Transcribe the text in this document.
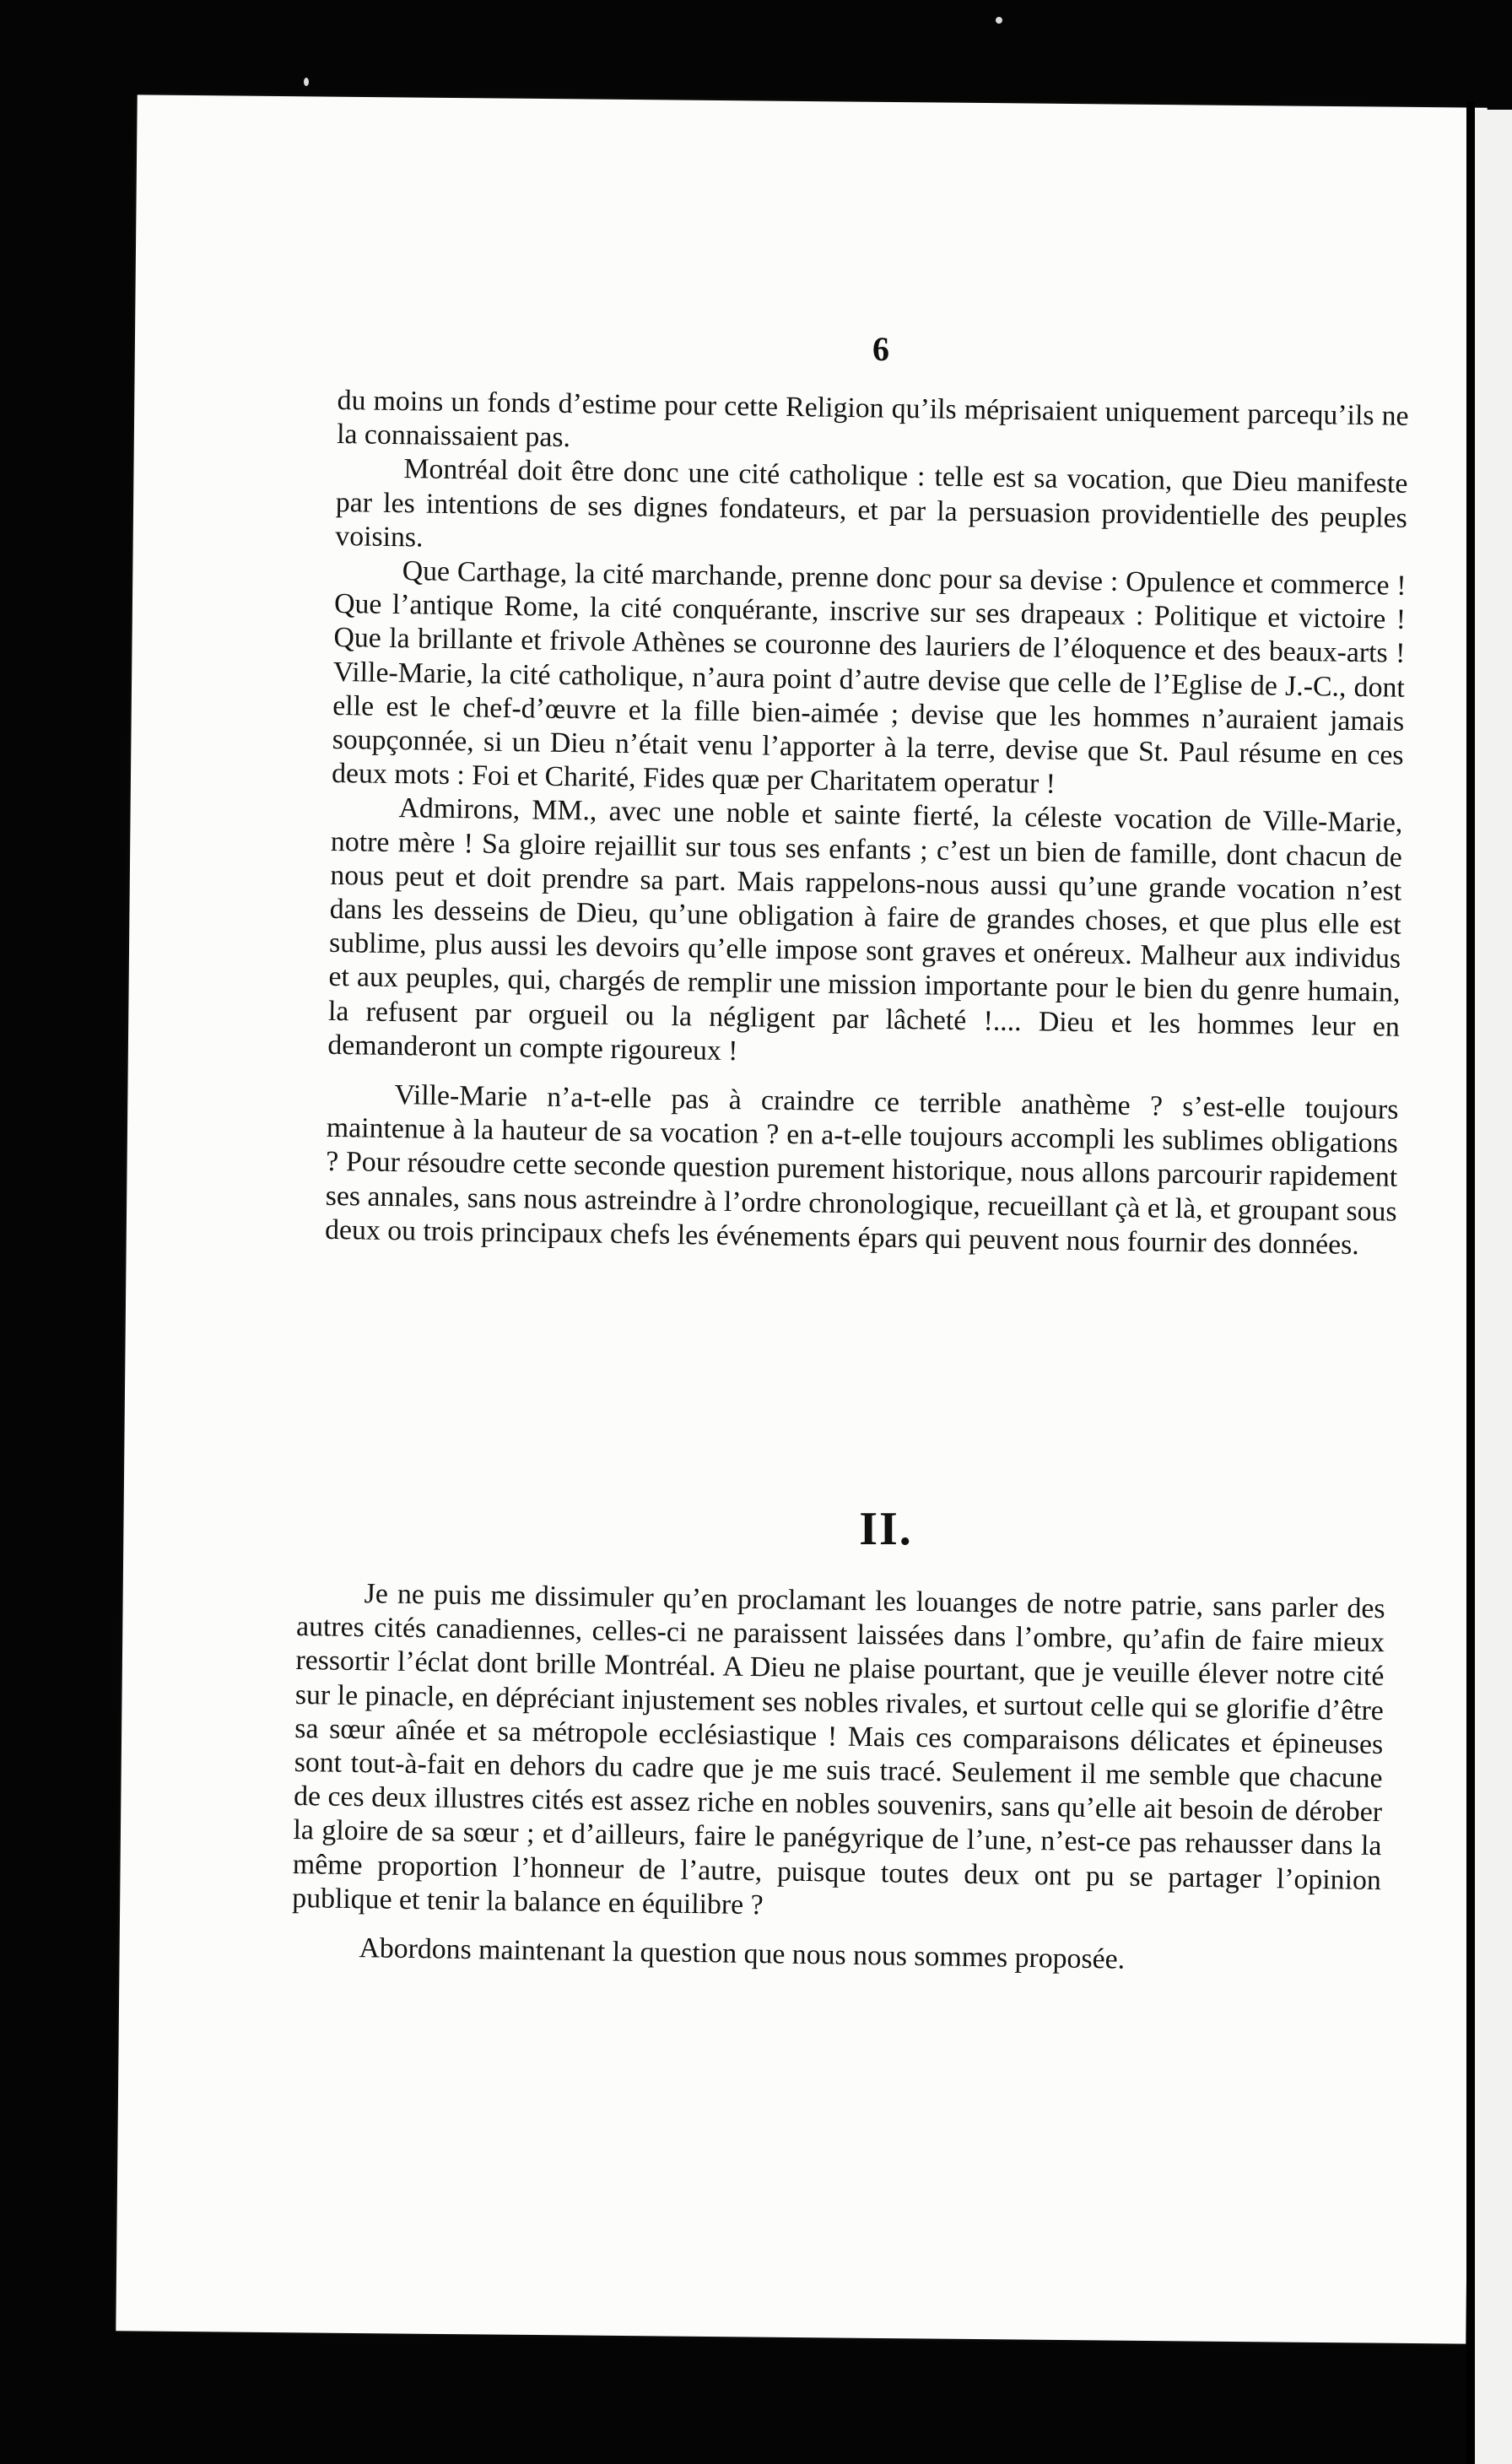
6

du moins un fonds d’estime pour cette Religion qu’ils méprisaient uniquement parcequ’ils ne la connaissaient pas.

Montréal doit être donc une cité catholique : telle est sa vocation, que Dieu manifeste par les intentions de ses dignes fondateurs, et par la persuasion providentielle des peuples voisins.

Que Carthage, la cité marchande, prenne donc pour sa devise : Opulence et commerce ! Que l’antique Rome, la cité conquérante, inscrive sur ses drapeaux : Politique et victoire ! Que la brillante et frivole Athènes se couronne des lauriers de l’éloquence et des beaux-arts ! Ville-Marie, la cité catholique, n’aura point d’autre devise que celle de l’Eglise de J.-C., dont elle est le chef-d’œuvre et la fille bien-aimée ; devise que les hommes n’auraient jamais soupçonnée, si un Dieu n’était venu l’apporter à la terre, devise que St. Paul résume en ces deux mots : Foi et Charité, Fides quæ per Charitatem operatur !

Admirons, MM., avec une noble et sainte fierté, la céleste vocation de Ville-Marie, notre mère ! Sa gloire rejaillit sur tous ses enfants ; c’est un bien de famille, dont chacun de nous peut et doit prendre sa part. Mais rappelons-nous aussi qu’une grande vocation n’est dans les desseins de Dieu, qu’une obligation à faire de grandes choses, et que plus elle est sublime, plus aussi les devoirs qu’elle impose sont graves et onéreux. Malheur aux individus et aux peuples, qui, chargés de remplir une mission importante pour le bien du genre humain, la refusent par orgueil ou la négligent par lâcheté !.... Dieu et les hommes leur en demanderont un compte rigoureux !

Ville-Marie n’a-t-elle pas à craindre ce terrible anathème ? s’est-elle toujours maintenue à la hauteur de sa vocation ? en a-t-elle toujours accompli les sublimes obligations ? Pour résoudre cette seconde question purement historique, nous allons parcourir rapidement ses annales, sans nous astreindre à l’ordre chronologique, recueillant çà et là, et groupant sous deux ou trois principaux chefs les événements épars qui peuvent nous fournir des données.

II.

Je ne puis me dissimuler qu’en proclamant les louanges de notre patrie, sans parler des autres cités canadiennes, celles-ci ne paraissent laissées dans l’ombre, qu’afin de faire mieux ressortir l’éclat dont brille Montréal. A Dieu ne plaise pourtant, que je veuille élever notre cité sur le pinacle, en dépréciant injustement ses nobles rivales, et surtout celle qui se glorifie d’être sa sœur aînée et sa métropole ecclésiastique ! Mais ces comparaisons délicates et épineuses sont tout-à-fait en dehors du cadre que je me suis tracé. Seulement il me semble que chacune de ces deux illustres cités est assez riche en nobles souvenirs, sans qu’elle ait besoin de dérober la gloire de sa sœur ; et d’ailleurs, faire le panégyrique de l’une, n’est-ce pas rehausser dans la même proportion l’honneur de l’autre, puisque toutes deux ont pu se partager l’opinion publique et tenir la balance en équilibre ?

Abordons maintenant la question que nous nous sommes proposée.
